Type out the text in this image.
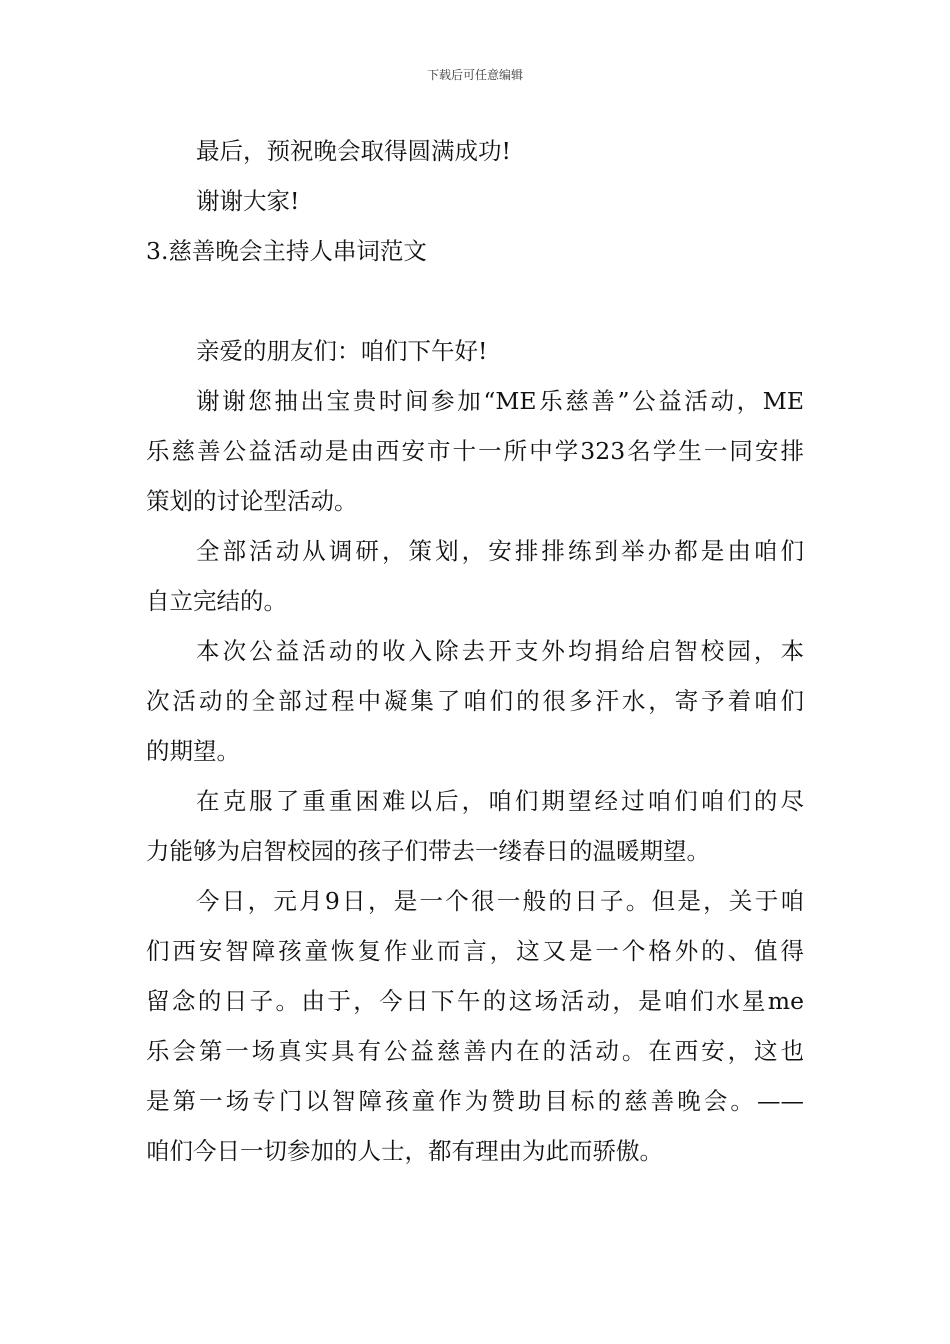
下载后可任意编辑
最后，预祝晚会取得圆满成功!
谢谢大家!
3.慈善晚会主持人串词范文
亲爱的朋友们：咱们下午好!
谢谢您抽出宝贵时间参加“ME乐慈善”公益活动，ME
乐慈善公益活动是由西安市十一所中学323名学生一同安排
策划的讨论型活动。
全部活动从调研，策划，安排排练到举办都是由咱们
自立完结的。
本次公益活动的收入除去开支外均捐给启智校园，本
次活动的全部过程中凝集了咱们的很多汗水，寄予着咱们
的期望。
在克服了重重困难以后，咱们期望经过咱们咱们的尽
力能够为启智校园的孩子们带去一缕春日的温暖期望。
今日，元月9日，是一个很一般的日子。但是，关于咱
们西安智障孩童恢复作业而言，这又是一个格外的、值得
留念的日子。由于，今日下午的这场活动，是咱们水星me
乐会第一场真实具有公益慈善内在的活动。在西安，这也
是第一场专门以智障孩童作为赞助目标的慈善晚会。——
咱们今日一切参加的人士，都有理由为此而骄傲。
